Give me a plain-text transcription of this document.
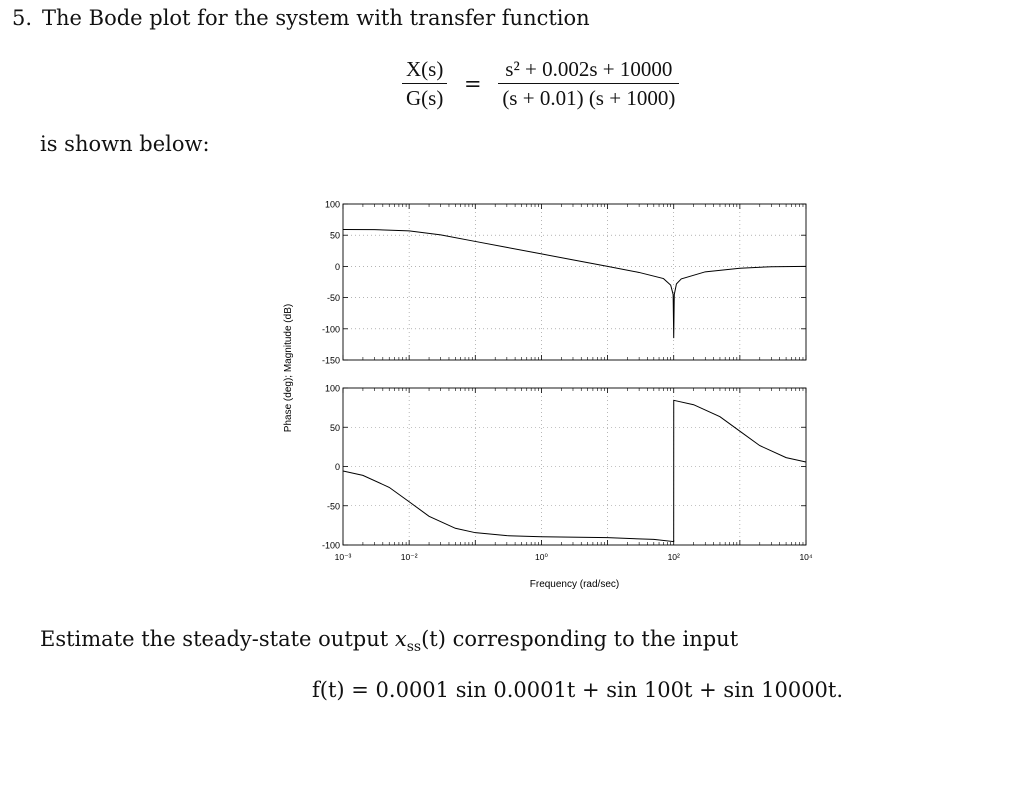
5. The Bode plot for the system with transfer function
$\frac{X(s)}{G(s)} = \frac{\text{s² + 0.002s + 10000}}{(s + 0.01) (s + 1000)}$
is shown below:
100
50
0
-50
-100
-150
100
50
0
-50
-100
10⁻³	10⁻²	10⁰	10²	10⁴
Frequency (rad/sec)
Phase (deg); Magnitude (dB)
Estimate the steady-state output $x_{ss}(t)$ corresponding to the input
f(t) = 0.0001 sin 0.0001t + sin 100t + sin 10000t.
